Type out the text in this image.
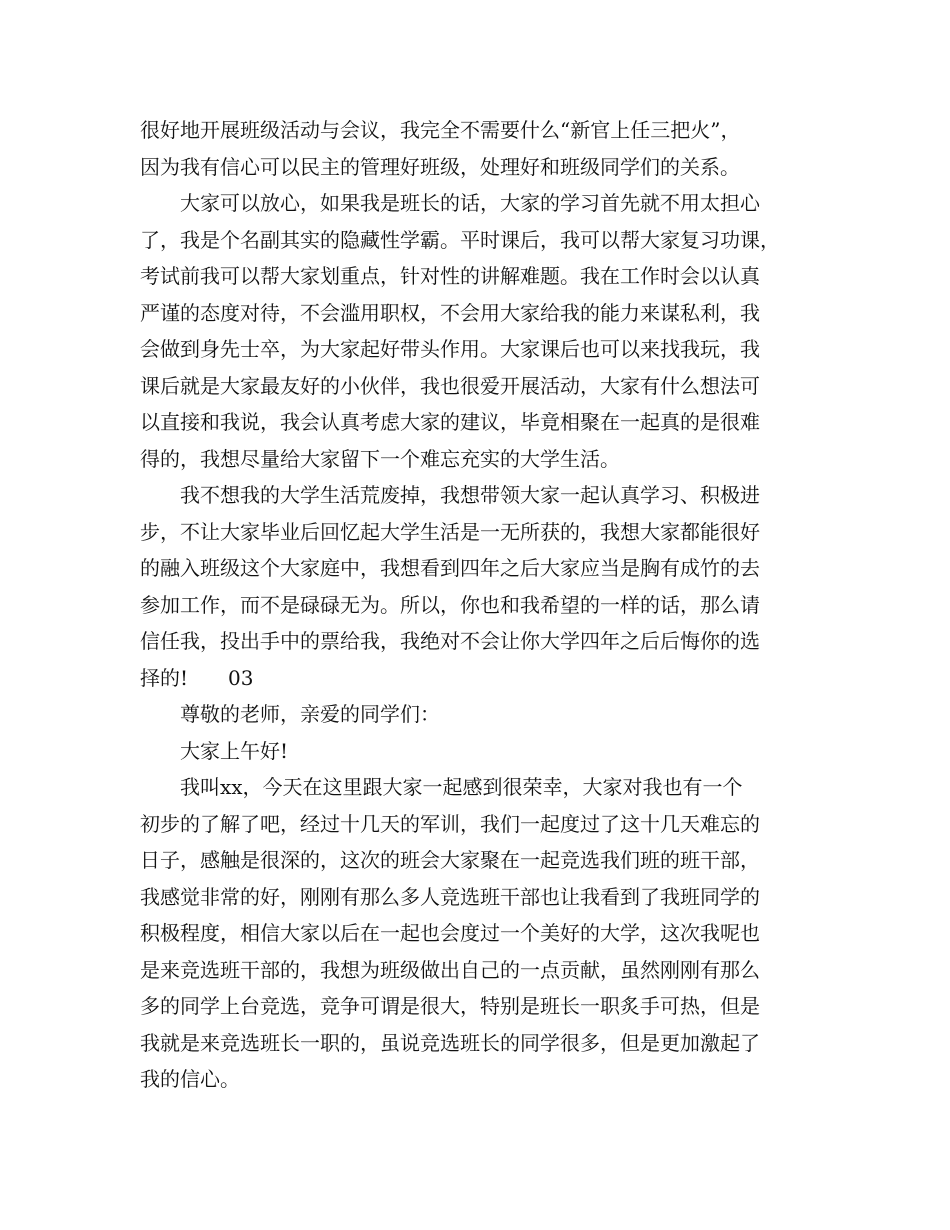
很好地开展班级活动与会议，我完全不需要什么“新官上任三把火”，
因为我有信心可以民主的管理好班级，处理好和班级同学们的关系。
　　大家可以放心，如果我是班长的话，大家的学习首先就不用太担心
了，我是个名副其实的隐藏性学霸。平时课后，我可以帮大家复习功课，
考试前我可以帮大家划重点，针对性的讲解难题。我在工作时会以认真
严谨的态度对待，不会滥用职权，不会用大家给我的能力来谋私利，我
会做到身先士卒，为大家起好带头作用。大家课后也可以来找我玩，我
课后就是大家最友好的小伙伴，我也很爱开展活动，大家有什么想法可
以直接和我说，我会认真考虑大家的建议，毕竟相聚在一起真的是很难
得的，我想尽量给大家留下一个难忘充实的大学生活。
　　我不想我的大学生活荒废掉，我想带领大家一起认真学习、积极进
步，不让大家毕业后回忆起大学生活是一无所获的，我想大家都能很好
的融入班级这个大家庭中，我想看到四年之后大家应当是胸有成竹的去
参加工作，而不是碌碌无为。所以，你也和我希望的一样的话，那么请
信任我，投出手中的票给我，我绝对不会让你大学四年之后后悔你的选
择的!　　03
　　尊敬的老师，亲爱的同学们：
　　大家上午好!
　　我叫xx，今天在这里跟大家一起感到很荣幸，大家对我也有一个
初步的了解了吧，经过十几天的军训，我们一起度过了这十几天难忘的
日子，感触是很深的，这次的班会大家聚在一起竞选我们班的班干部，
我感觉非常的好，刚刚有那么多人竞选班干部也让我看到了我班同学的
积极程度，相信大家以后在一起也会度过一个美好的大学，这次我呢也
是来竞选班干部的，我想为班级做出自己的一点贡献，虽然刚刚有那么
多的同学上台竞选，竞争可谓是很大，特别是班长一职炙手可热，但是
我就是来竞选班长一职的，虽说竞选班长的同学很多，但是更加激起了
我的信心。
